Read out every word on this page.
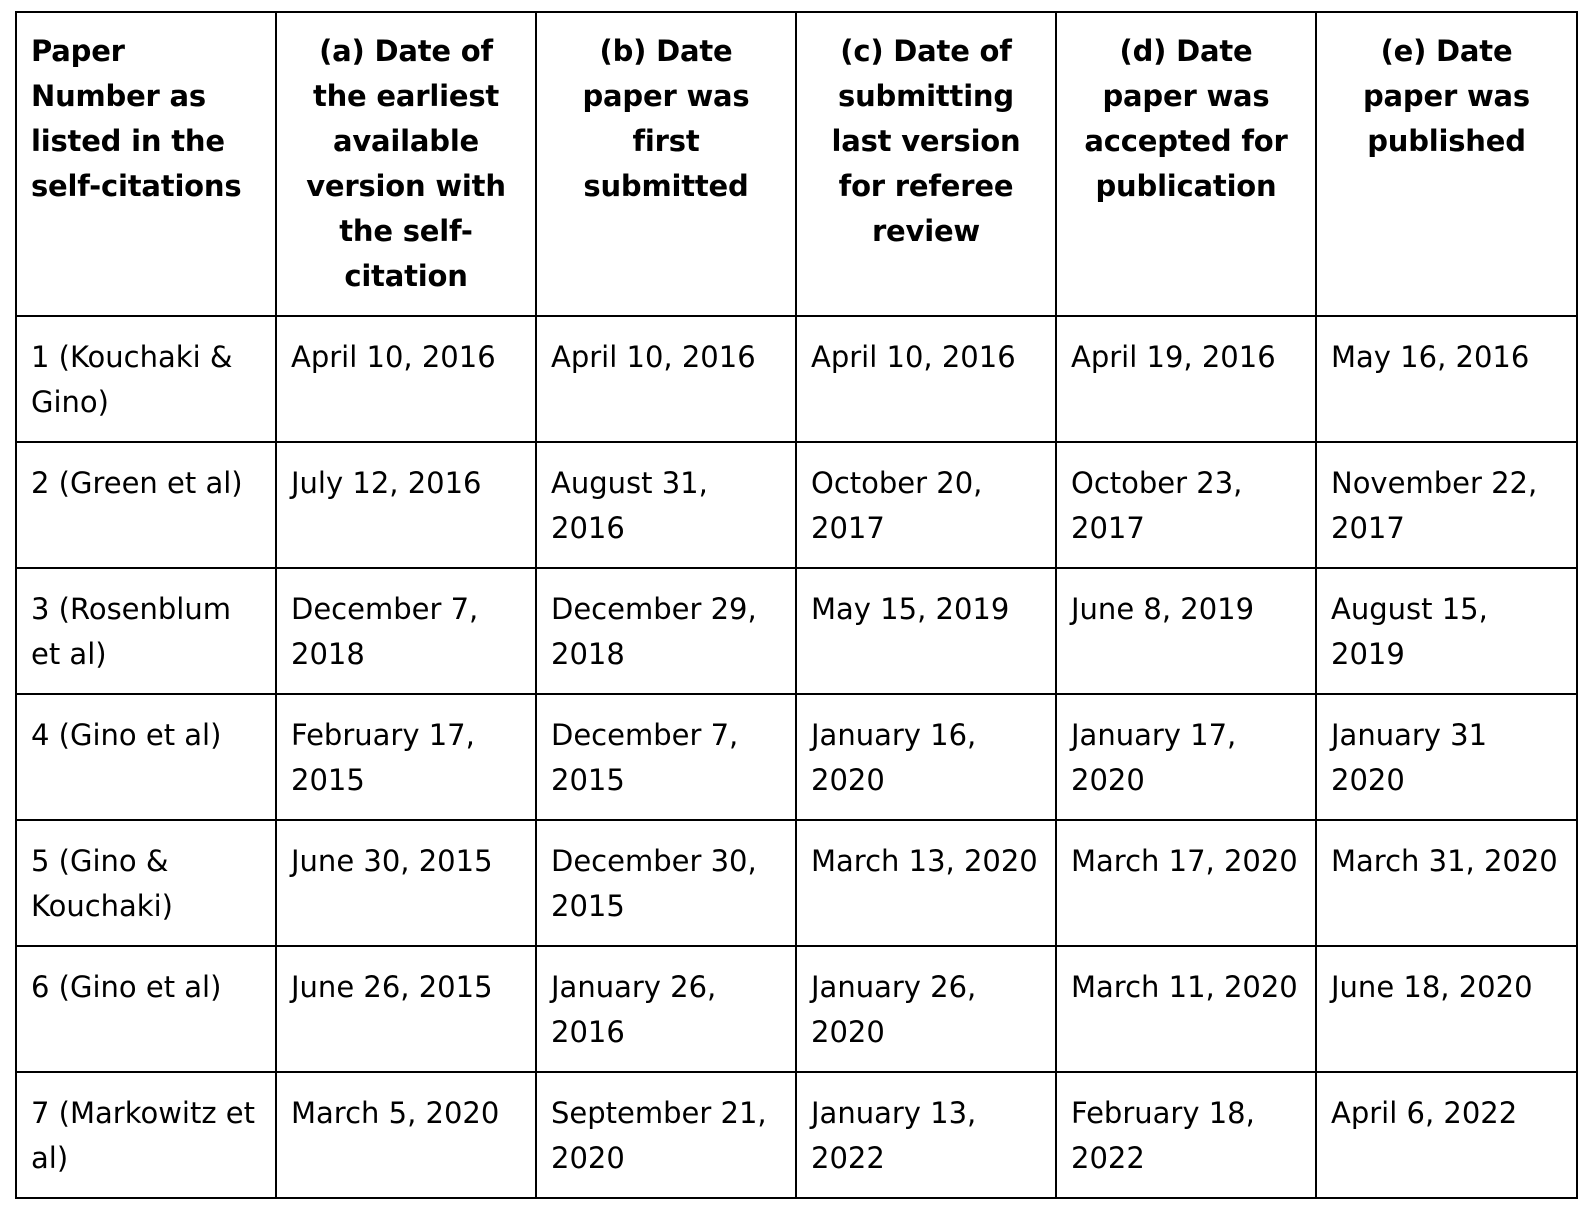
Paper Number as listed in the self-citations	(a) Date of the earliest available version with the self-citation	(b) Date paper was first submitted	(c) Date of submitting last version for referee review	(d) Date paper was accepted for publication	(e) Date paper was published
1 (Kouchaki & Gino)	April 10, 2016	April 10, 2016	April 10, 2016	April 19, 2016	May 16, 2016
2 (Green et al)	July 12, 2016	August 31, 2016	October 20, 2017	October 23, 2017	November 22, 2017
3 (Rosenblum et al)	December 7, 2018	December 29, 2018	May 15, 2019	June 8, 2019	August 15, 2019
4 (Gino et al)	February 17, 2015	December 7, 2015	January 16, 2020	January 17, 2020	January 31 2020
5 (Gino & Kouchaki)	June 30, 2015	December 30, 2015	March 13, 2020	March 17, 2020	March 31, 2020
6 (Gino et al)	June 26, 2015	January 26, 2016	January 26, 2020	March 11, 2020	June 18, 2020
7 (Markowitz et al)	March 5, 2020	September 21, 2020	January 13, 2022	February 18, 2022	April 6, 2022
